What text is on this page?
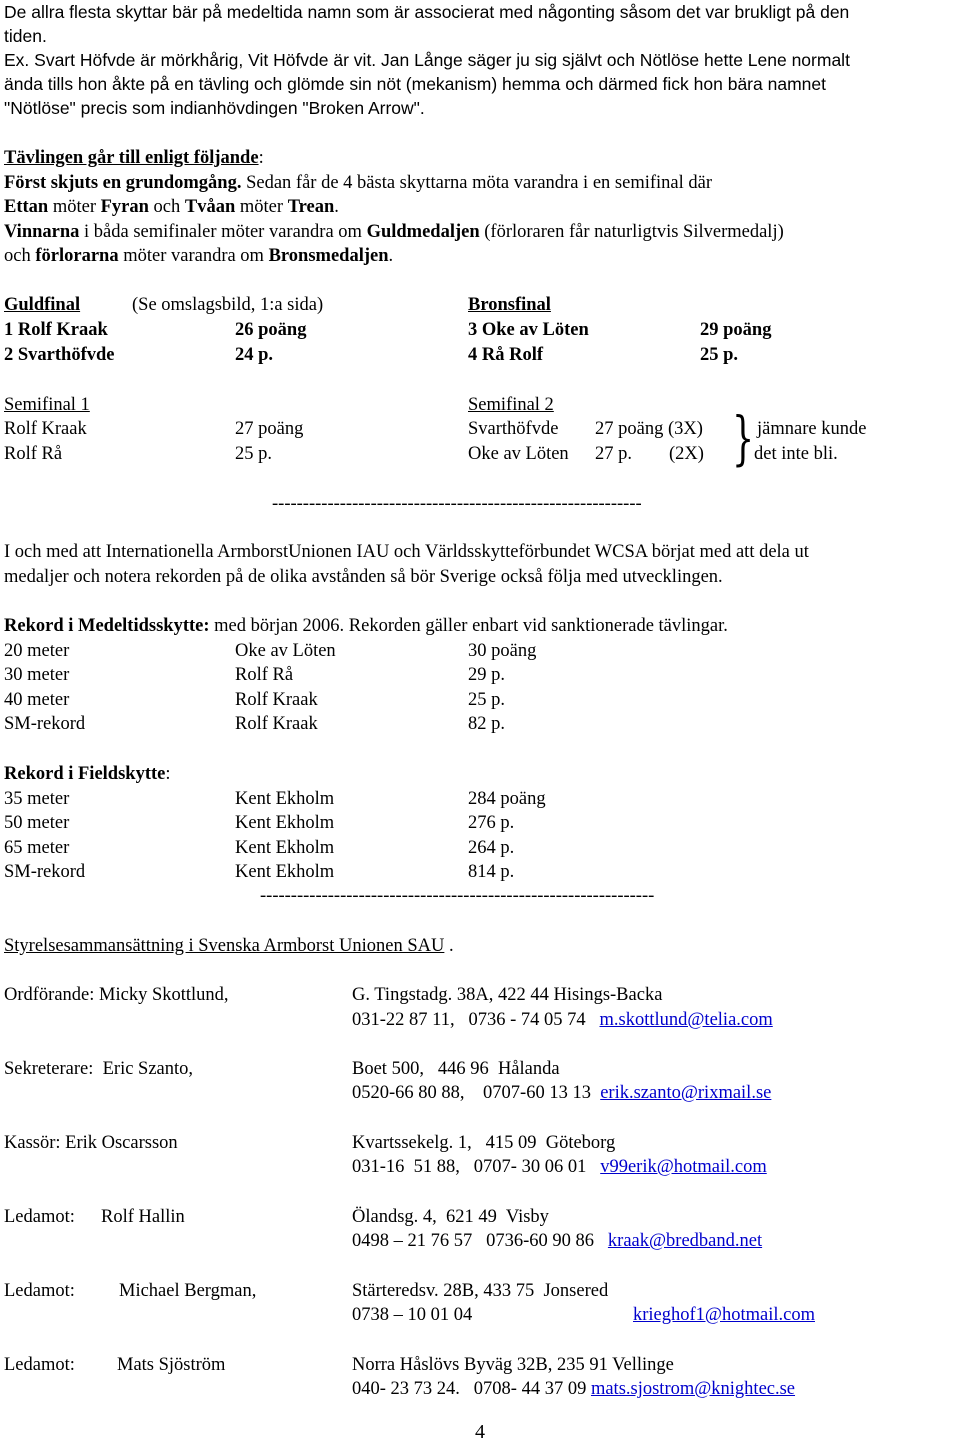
De allra flesta skyttar bär på medeltida namn som är associerat med någonting såsom det var brukligt på den
tiden.
Ex. Svart Höfvde är mörkhårig, Vit Höfvde är vit. Jan Långe säger ju sig självt och Nötlöse hette Lene normalt
ända tills hon åkte på en tävling och glömde sin nöt (mekanism) hemma och därmed fick hon bära namnet
"Nötlöse" precis som indianhövdingen "Broken Arrow".
Tävlingen går till enligt följande:
Först skjuts en grundomgång. Sedan får de 4 bästa skyttarna möta varandra i en semifinal där
Ettan möter Fyran och Tvåan möter Trean.
Vinnarna i båda semifinaler möter varandra om Guldmedaljen (förloraren får naturligtvis Silvermedalj)
och förlorarna möter varandra om Bronsmedaljen.
Guldfinal	(Se omslagsbild, 1:a sida)	Bronsfinal
1 Rolf Kraak	26 poäng	3 Oke av Löten	29 poäng
2 Svarthöfvde	24 p.	4 Rå Rolf	25 p.
Semifinal 1	Semifinal 2
Rolf Kraak	27 poäng	Svarthöfvde 27 poäng (3X)
Rolf Rå	25 p.	Oke av Löten 27 p.        (2X) } jämnare kunde
det inte bli.
------------------------------------------------------------
I och med att Internationella ArmborstUnionen IAU och Världsskytteförbundet WCSA börjat med att dela ut
medaljer och notera rekorden på de olika avstånden så bör Sverige också följa med utvecklingen.
Rekord i Medeltidsskytte: med början 2006. Rekorden gäller enbart vid sanktionerade tävlingar.
20 meter	Oke av Löten	30 poäng
30 meter	Rolf Rå	29 p.
40 meter	Rolf Kraak	25 p.
SM-rekord	Rolf Kraak	82 p.
Rekord i Fieldskytte:
35 meter	Kent Ekholm	284 poäng
50 meter	Kent Ekholm	276 p.
65 meter	Kent Ekholm	264 p.
SM-rekord	Kent Ekholm	814 p.
----------------------------------------------------------------
Styrelsesammansättning i Svenska Armborst Unionen SAU .
Ordförande: Micky Skottlund,	G. Tingstadg. 38A, 422 44 Hisings-Backa
031-22 87 11,   0736 - 74 05 74 m.skottlund@telia.com
Sekreterare:  Eric Szanto,	Boet 500,   446 96  Hålanda
0520-66 80 88,    0707-60 13 13 erik.szanto@rixmail.se
Kassör: Erik Oscarsson	Kvartssekelg. 1,   415 09  Göteborg
031-16  51 88,   0707- 30 06 01 v99erik@hotmail.com
Ledamot: Rolf Hallin	Ölandsg. 4,  621 49  Visby
0498 – 21 76 57   0736-60 90 86 kraak@bredband.net
Ledamot: Michael Bergman,	Stärteredsv. 28B, 433 75  Jonsered
0738 – 10 01 04	krieghof1@hotmail.com
Ledamot: Mats Sjöström	Norra Håslövs Byväg 32B, 235 91 Vellinge
040- 23 73 24.   0708- 44 37 09 mats.sjostrom@knightec.se
4
